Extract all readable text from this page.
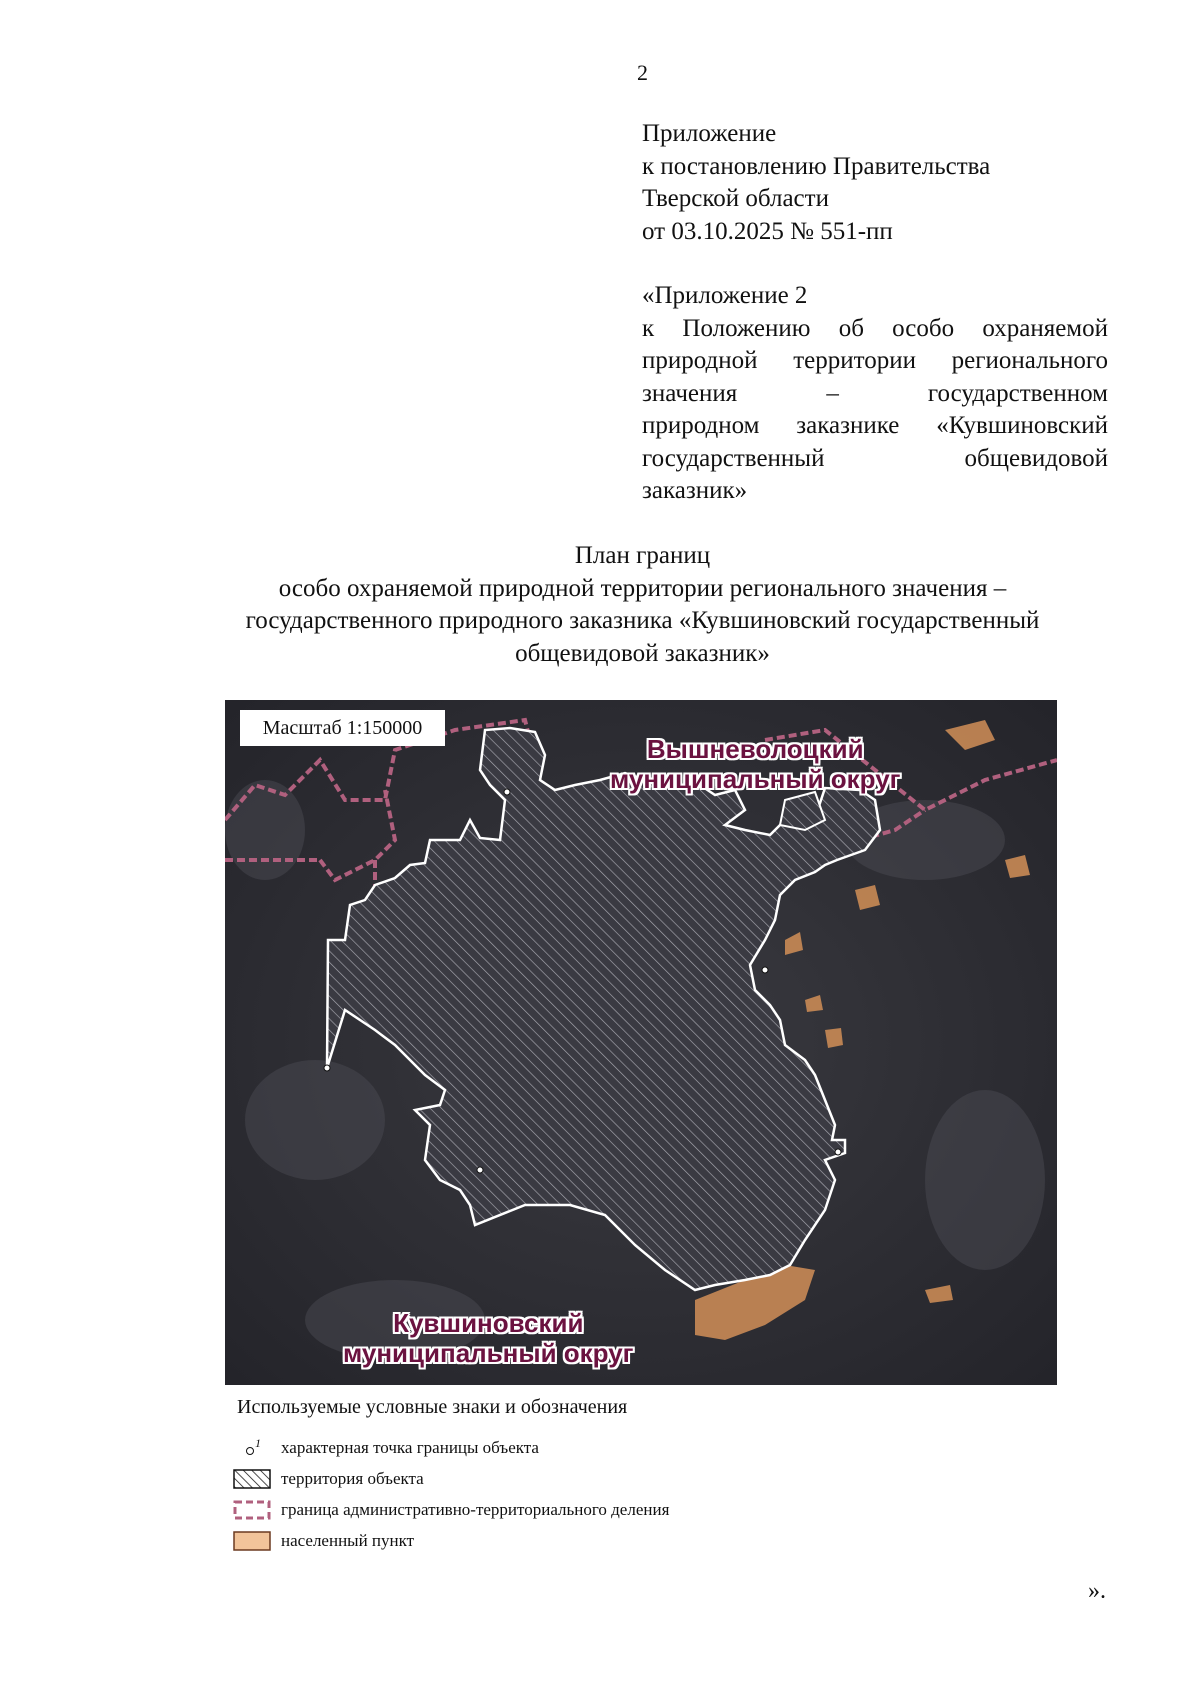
2
Приложение
к постановлению Правительства
Тверской области
от 03.10.2025 № 551-пп
«Приложение 2
к Положению об особо охраняемой
природной территории регионального
значения – государственном
природном заказнике «Кувшиновский
государственный общевидовой
заказник»
План границ
особо охраняемой природной территории регионального значения –
государственного природного заказника «Кувшиновский государственный
общевидовой заказник»
Масштаб 1:150000
Вышневолоцкий
муниципальный округ
Кувшиновский
муниципальный округ
Используемые условные знаки и обозначения
1 характерная точка границы объекта
территория объекта
граница административно-территориального деления
населенный пункт
».
